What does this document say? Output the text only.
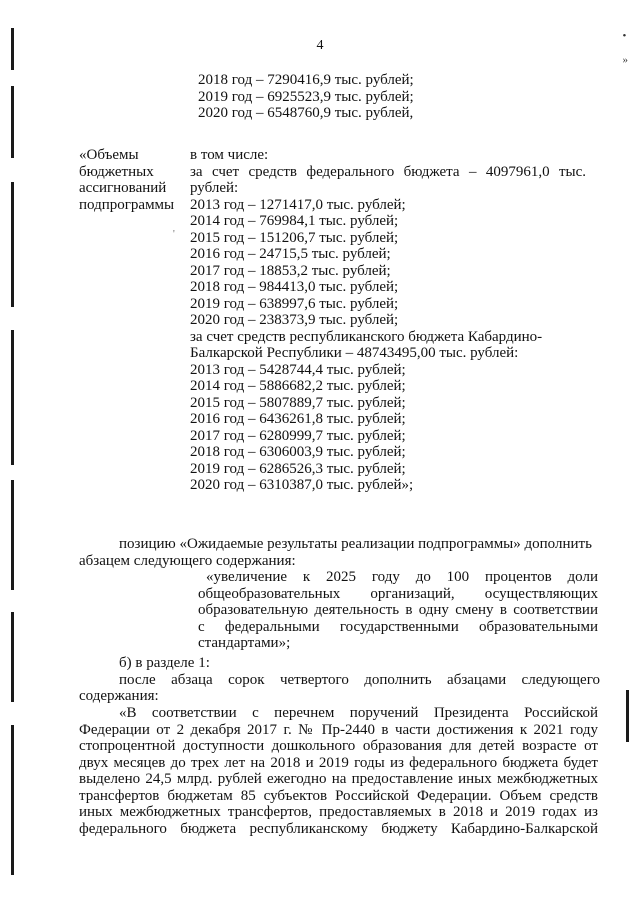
4
•
»
2018 год – 7290416,9 тыс. рублей;
2019 год – 6925523,9 тыс. рублей;
2020 год – 6548760,9 тыс. рублей,
«Объемы
бюджетных
ассигнований
подпрограммы
'
в том числе:
за счет средств федерального бюджета – 4097961,0 тыс.
рублей:
2013 год – 1271417,0 тыс. рублей;
2014 год – 769984,1 тыс. рублей;
2015 год – 151206,7 тыс. рублей;
2016 год – 24715,5 тыс. рублей;
2017 год – 18853,2 тыс. рублей;
2018 год – 984413,0 тыс. рублей;
2019 год – 638997,6 тыс. рублей;
2020 год – 238373,9 тыс. рублей;
за счет средств республиканского бюджета Кабардино-
Балкарской Республики – 48743495,00 тыс. рублей:
2013 год – 5428744,4 тыс. рублей;
2014 год – 5886682,2 тыс. рублей;
2015 год – 5807889,7 тыс. рублей;
2016 год – 6436261,8 тыс. рублей;
2017 год – 6280999,7 тыс. рублей;
2018 год – 6306003,9 тыс. рублей;
2019 год – 6286526,3 тыс. рублей;
2020 год – 6310387,0 тыс. рублей»;
позицию «Ожидаемые результаты реализации подпрограммы» дополнить
абзацем следующего содержания:
«увеличение к 2025 году до 100 процентов доли
общеобразовательных организаций, осуществляющих
образовательную деятельность в одну смену в соответствии
с федеральными государственными образовательными
стандартами»;
б) в разделе 1:
после абзаца сорок четвертого дополнить абзацами следующего
содержания:
«В соответствии с перечнем поручений Президента Российской
Федерации от 2 декабря 2017 г. № Пр-2440 в части достижения к 2021 году
стопроцентной доступности дошкольного образования для детей возрасте от
двух месяцев до трех лет на 2018 и 2019 годы из федерального бюджета будет
выделено 24,5 млрд. рублей ежегодно на предоставление иных межбюджетных
трансфертов бюджетам 85 субъектов Российской Федерации. Объем средств
иных межбюджетных трансфертов, предоставляемых в 2018 и 2019 годах из
федерального бюджета республиканскому бюджету Кабардино-Балкарской
